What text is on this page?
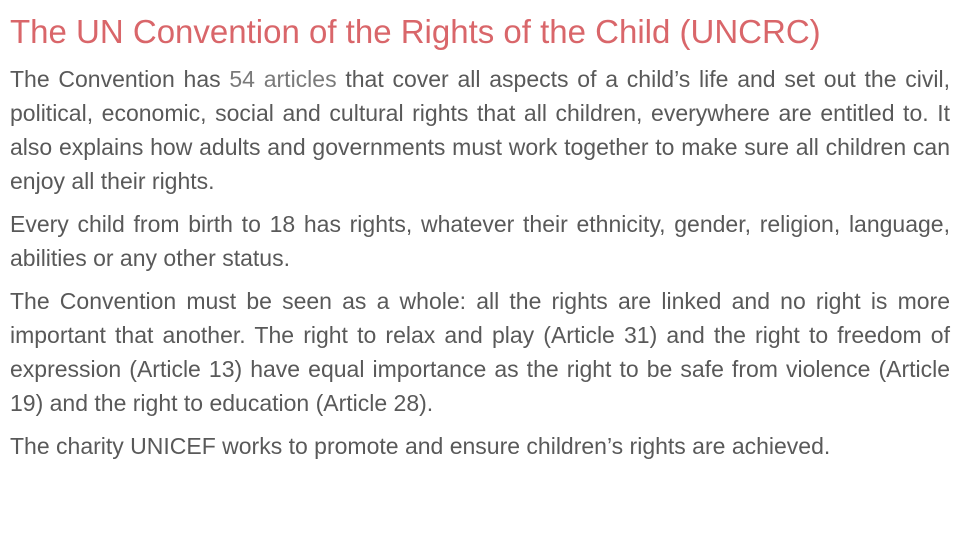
The UN Convention of the Rights of the Child (UNCRC)

The Convention has 54 articles that cover all aspects of a child’s life and set out the civil, political, economic, social and cultural rights that all children, everywhere are entitled to. It also explains how adults and governments must work together to make sure all children can enjoy all their rights.

Every child from birth to 18 has rights, whatever their ethnicity, gender, religion, language, abilities or any other status.

The Convention must be seen as a whole: all the rights are linked and no right is more important that another. The right to relax and play (Article 31) and the right to freedom of expression (Article 13) have equal importance as the right to be safe from violence (Article 19) and the right to education (Article 28).

The charity UNICEF works to promote and ensure children’s rights are achieved.
